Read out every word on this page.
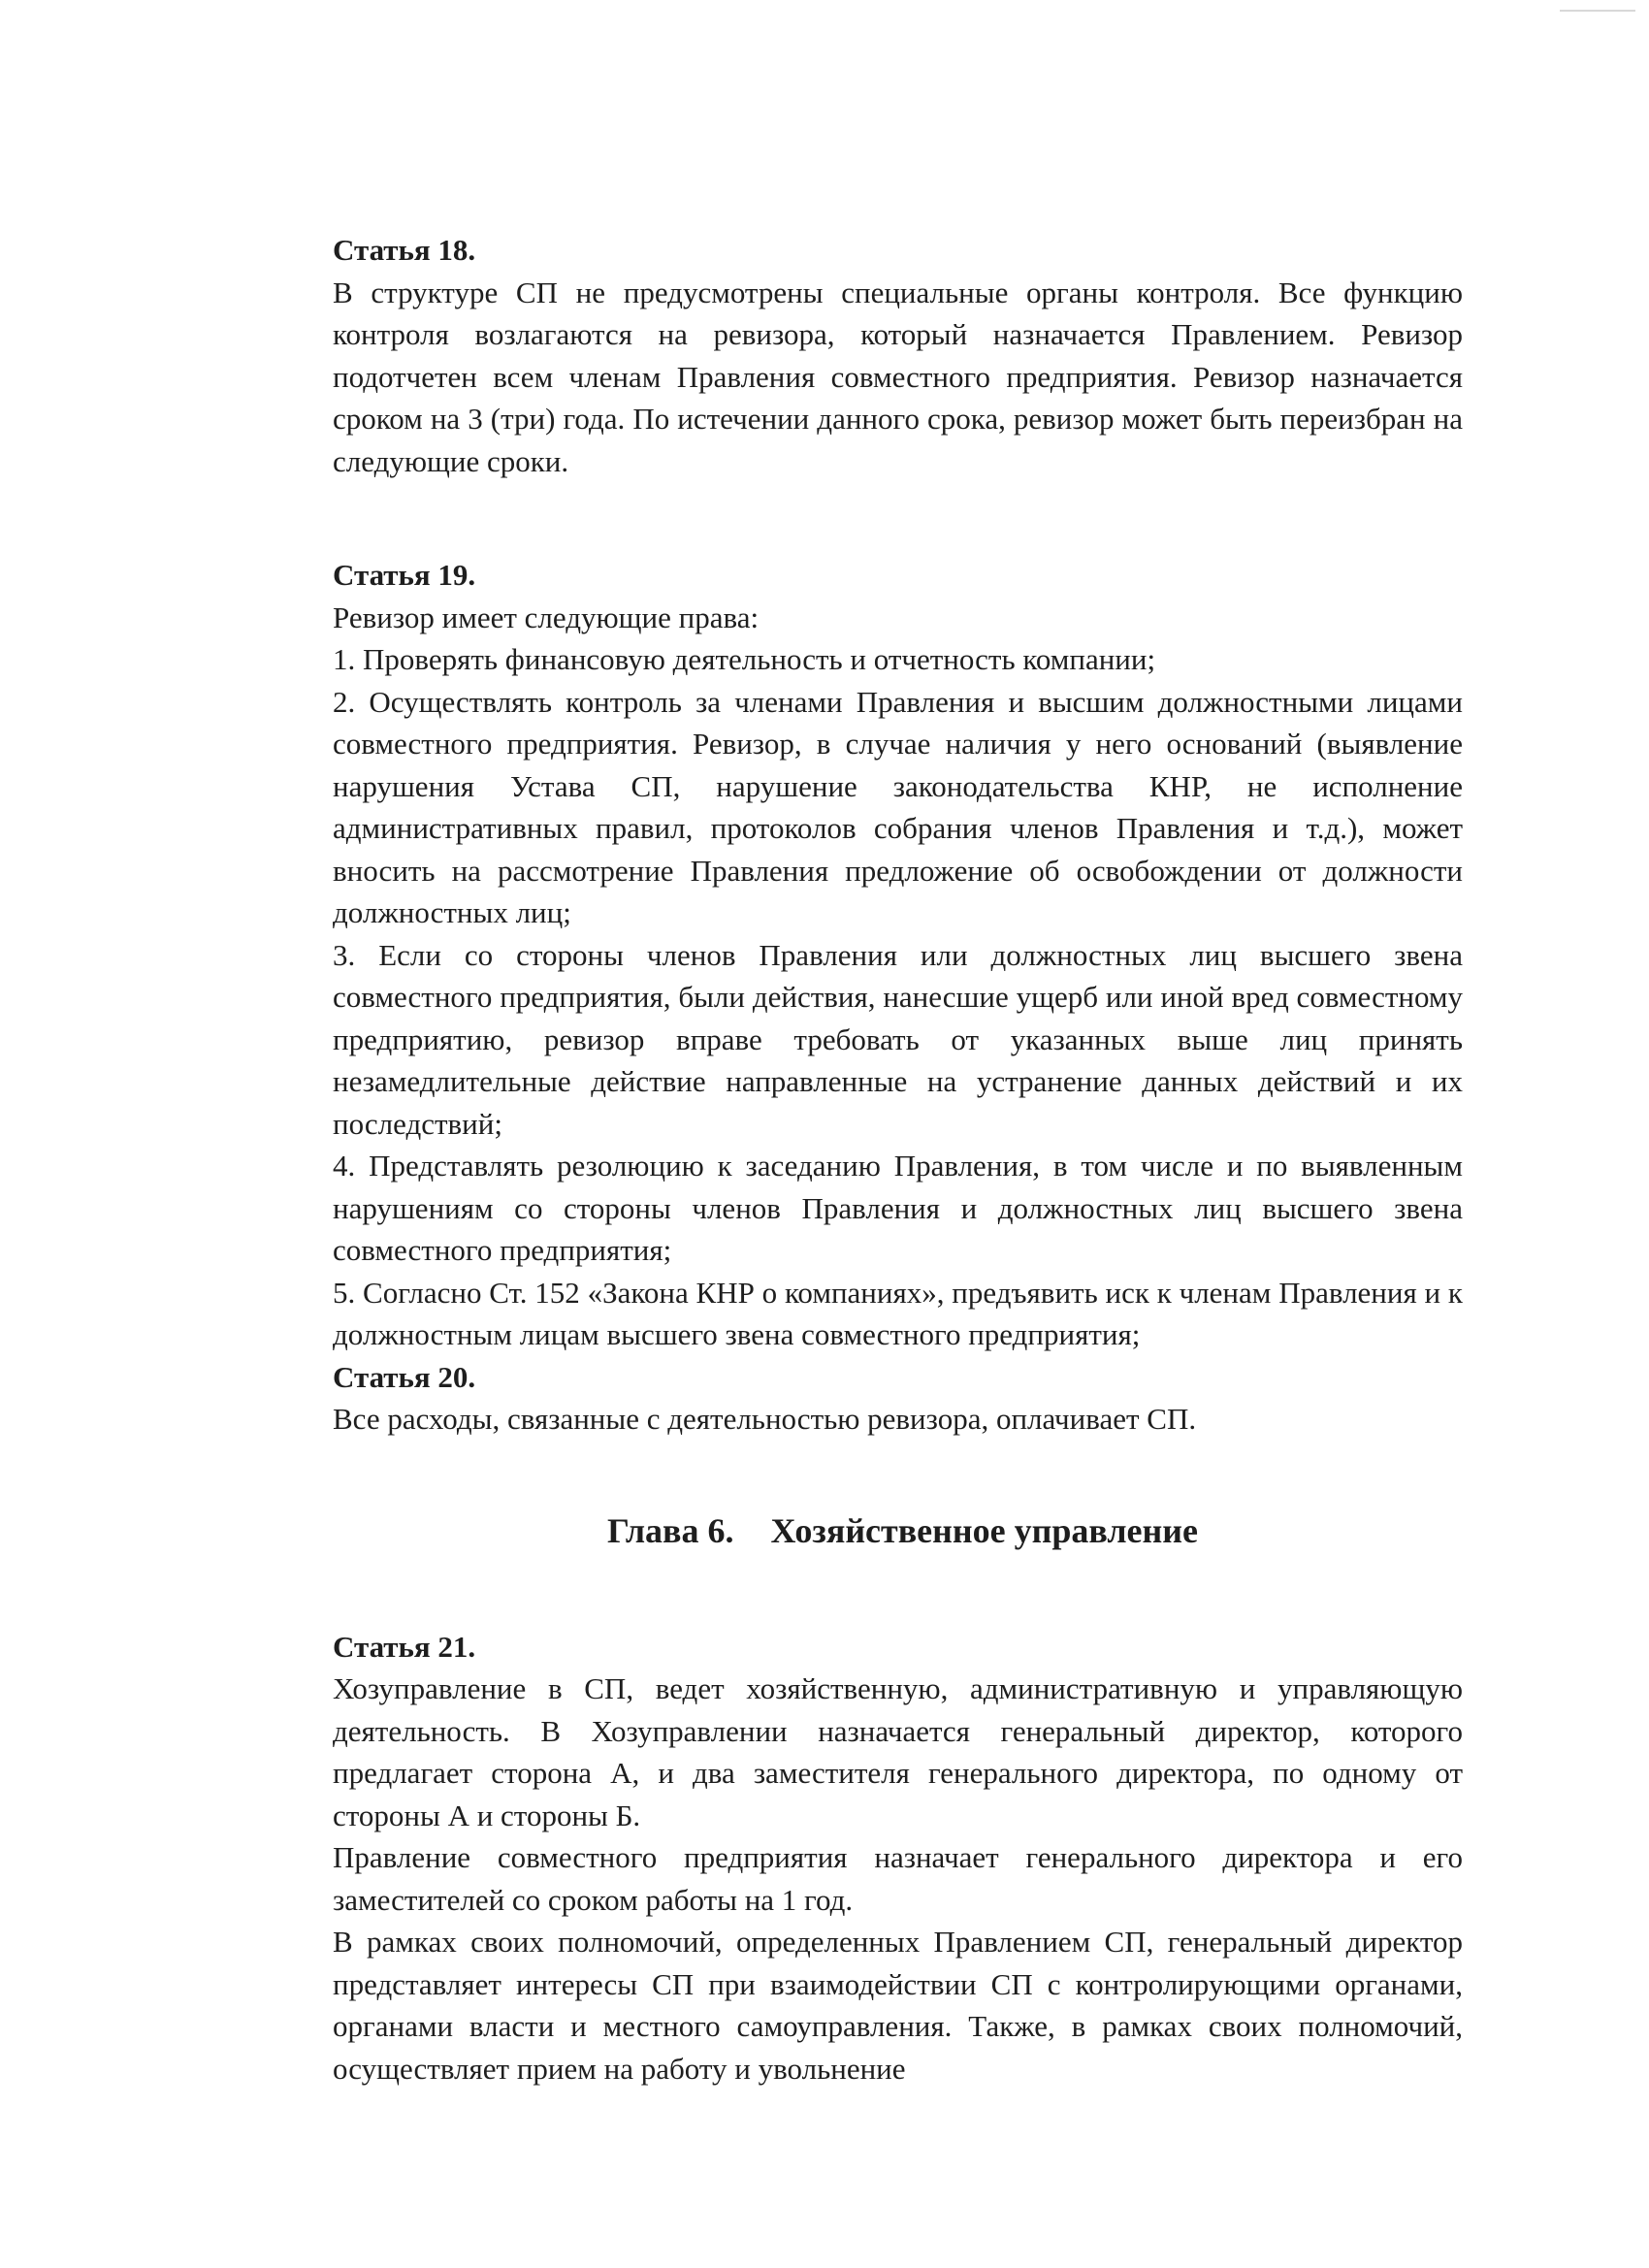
Статья 18.

В структуре СП не предусмотрены специальные органы контроля. Все функцию контроля возлагаются на ревизора, который назначается Правлением. Ревизор подотчетен всем членам Правления совместного предприятия. Ревизор назначается сроком на 3 (три) года. По истечении данного срока, ревизор может быть переизбран на следующие сроки.

Статья 19.

Ревизор имеет следующие права:

1. Проверять финансовую деятельность и отчетность компании;

2. Осуществлять контроль за членами Правления и высшим должностными лицами совместного предприятия. Ревизор, в случае наличия у него оснований (выявление нарушения Устава СП, нарушение законодательства КНР, не исполнение административных правил, протоколов собрания членов Правления и т.д.), может вносить на рассмотрение Правления предложение об освобождении от должности должностных лиц;

3. Если со стороны членов Правления или должностных лиц высшего звена совместного предприятия, были действия, нанесшие ущерб или иной вред совместному предприятию, ревизор вправе требовать от указанных выше лиц принять незамедлительные действие направленные на устранение данных действий и их последствий;

4. Представлять резолюцию к заседанию Правления, в том числе и по выявленным нарушениям со стороны членов Правления и должностных лиц высшего звена совместного предприятия;

5. Согласно Ст. 152 «Закона КНР о компаниях», предъявить иск к членам Правления и к должностным лицам высшего звена совместного предприятия;

Статья 20.

Все расходы, связанные с деятельностью ревизора, оплачивает СП.

Глава 6. Хозяйственное управление

Статья 21.

Хозуправление в СП, ведет хозяйственную, административную и управляющую деятельность. В Хозуправлении назначается генеральный директор, которого предлагает сторона А, и два заместителя генерального директора, по одному от стороны А и стороны Б.

Правление совместного предприятия назначает генерального директора и его заместителей со сроком работы на 1 год.

В рамках своих полномочий, определенных Правлением СП, генеральный директор представляет интересы СП при взаимодействии СП с контролирующими органами, органами власти и местного самоуправления. Также, в рамках своих полномочий, осуществляет прием на работу и увольнение
